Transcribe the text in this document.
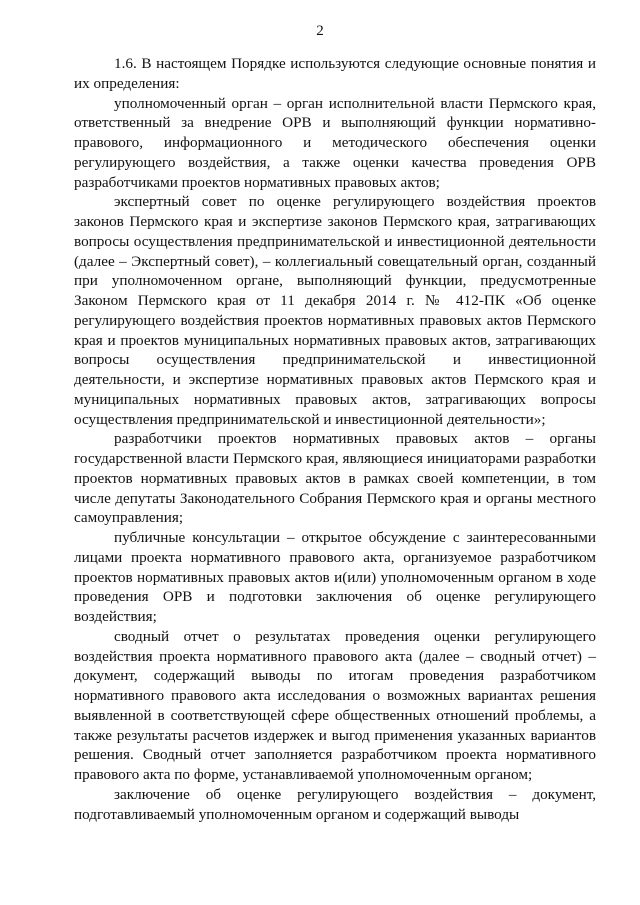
2

1.6. В настоящем Порядке используются следующие основные понятия и их определения:

уполномоченный орган – орган исполнительной власти Пермского края, ответственный за внедрение ОРВ и выполняющий функции нормативно-правового, информационного и методического обеспечения оценки регулирующего воздействия, а также оценки качества проведения ОРВ разработчиками проектов нормативных правовых актов;

экспертный совет по оценке регулирующего воздействия проектов законов Пермского края и экспертизе законов Пермского края, затрагивающих вопросы осуществления предпринимательской и инвестиционной деятельности (далее – Экспертный совет), – коллегиальный совещательный орган, созданный при уполномоченном органе, выполняющий функции, предусмотренные Законом Пермского края от 11 декабря 2014 г. № 412-ПК «Об оценке регулирующего воздействия проектов нормативных правовых актов Пермского края и проектов муниципальных нормативных правовых актов, затрагивающих вопросы осуществления предпринимательской и инвестиционной деятельности, и экспертизе нормативных правовых актов Пермского края и муниципальных нормативных правовых актов, затрагивающих вопросы осуществления предпринимательской и инвестиционной деятельности»;

разработчики проектов нормативных правовых актов – органы государственной власти Пермского края, являющиеся инициаторами разработки проектов нормативных правовых актов в рамках своей компетенции, в том числе депутаты Законодательного Собрания Пермского края и органы местного самоуправления;

публичные консультации – открытое обсуждение с заинтересованными лицами проекта нормативного правового акта, организуемое разработчиком проектов нормативных правовых актов и(или) уполномоченным органом в ходе проведения ОРВ и подготовки заключения об оценке регулирующего воздействия;

сводный отчет о результатах проведения оценки регулирующего воздействия проекта нормативного правового акта (далее – сводный отчет) – документ, содержащий выводы по итогам проведения разработчиком нормативного правового акта исследования о возможных вариантах решения выявленной в соответствующей сфере общественных отношений проблемы, а также результаты расчетов издержек и выгод применения указанных вариантов решения. Сводный отчет заполняется разработчиком проекта нормативного правового акта по форме, устанавливаемой уполномоченным органом;

заключение об оценке регулирующего воздействия – документ, подготавливаемый уполномоченным органом и содержащий выводы
